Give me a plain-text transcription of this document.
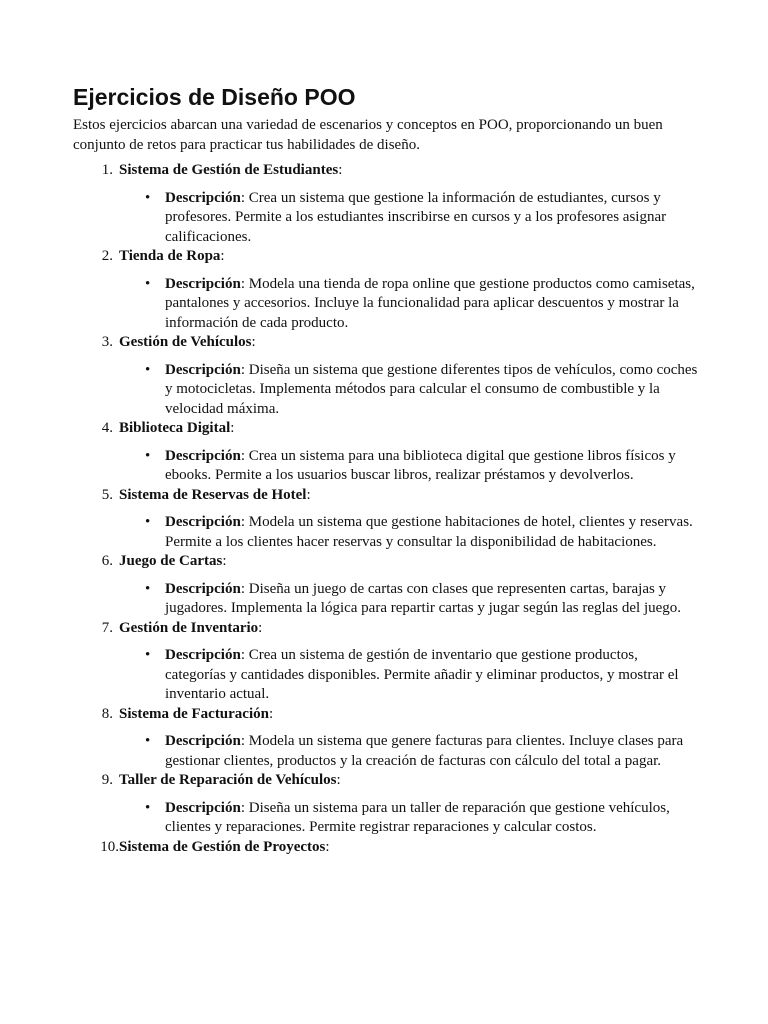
Ejercicios de Diseño POO

Estos ejercicios abarcan una variedad de escenarios y conceptos en POO, proporcionando un buen conjunto de retos para practicar tus habilidades de diseño.

1. Sistema de Gestión de Estudiantes:
• Descripción: Crea un sistema que gestione la información de estudiantes, cursos y profesores. Permite a los estudiantes inscribirse en cursos y a los profesores asignar calificaciones.
2. Tienda de Ropa:
• Descripción: Modela una tienda de ropa online que gestione productos como camisetas, pantalones y accesorios. Incluye la funcionalidad para aplicar descuentos y mostrar la información de cada producto.
3. Gestión de Vehículos:
• Descripción: Diseña un sistema que gestione diferentes tipos de vehículos, como coches y motocicletas. Implementa métodos para calcular el consumo de combustible y la velocidad máxima.
4. Biblioteca Digital:
• Descripción: Crea un sistema para una biblioteca digital que gestione libros físicos y ebooks. Permite a los usuarios buscar libros, realizar préstamos y devolverlos.
5. Sistema de Reservas de Hotel:
• Descripción: Modela un sistema que gestione habitaciones de hotel, clientes y reservas. Permite a los clientes hacer reservas y consultar la disponibilidad de habitaciones.
6. Juego de Cartas:
• Descripción: Diseña un juego de cartas con clases que representen cartas, barajas y jugadores. Implementa la lógica para repartir cartas y jugar según las reglas del juego.
7. Gestión de Inventario:
• Descripción: Crea un sistema de gestión de inventario que gestione productos, categorías y cantidades disponibles. Permite añadir y eliminar productos, y mostrar el inventario actual.
8. Sistema de Facturación:
• Descripción: Modela un sistema que genere facturas para clientes. Incluye clases para gestionar clientes, productos y la creación de facturas con cálculo del total a pagar.
9. Taller de Reparación de Vehículos:
• Descripción: Diseña un sistema para un taller de reparación que gestione vehículos, clientes y reparaciones. Permite registrar reparaciones y calcular costos.
10. Sistema de Gestión de Proyectos:
